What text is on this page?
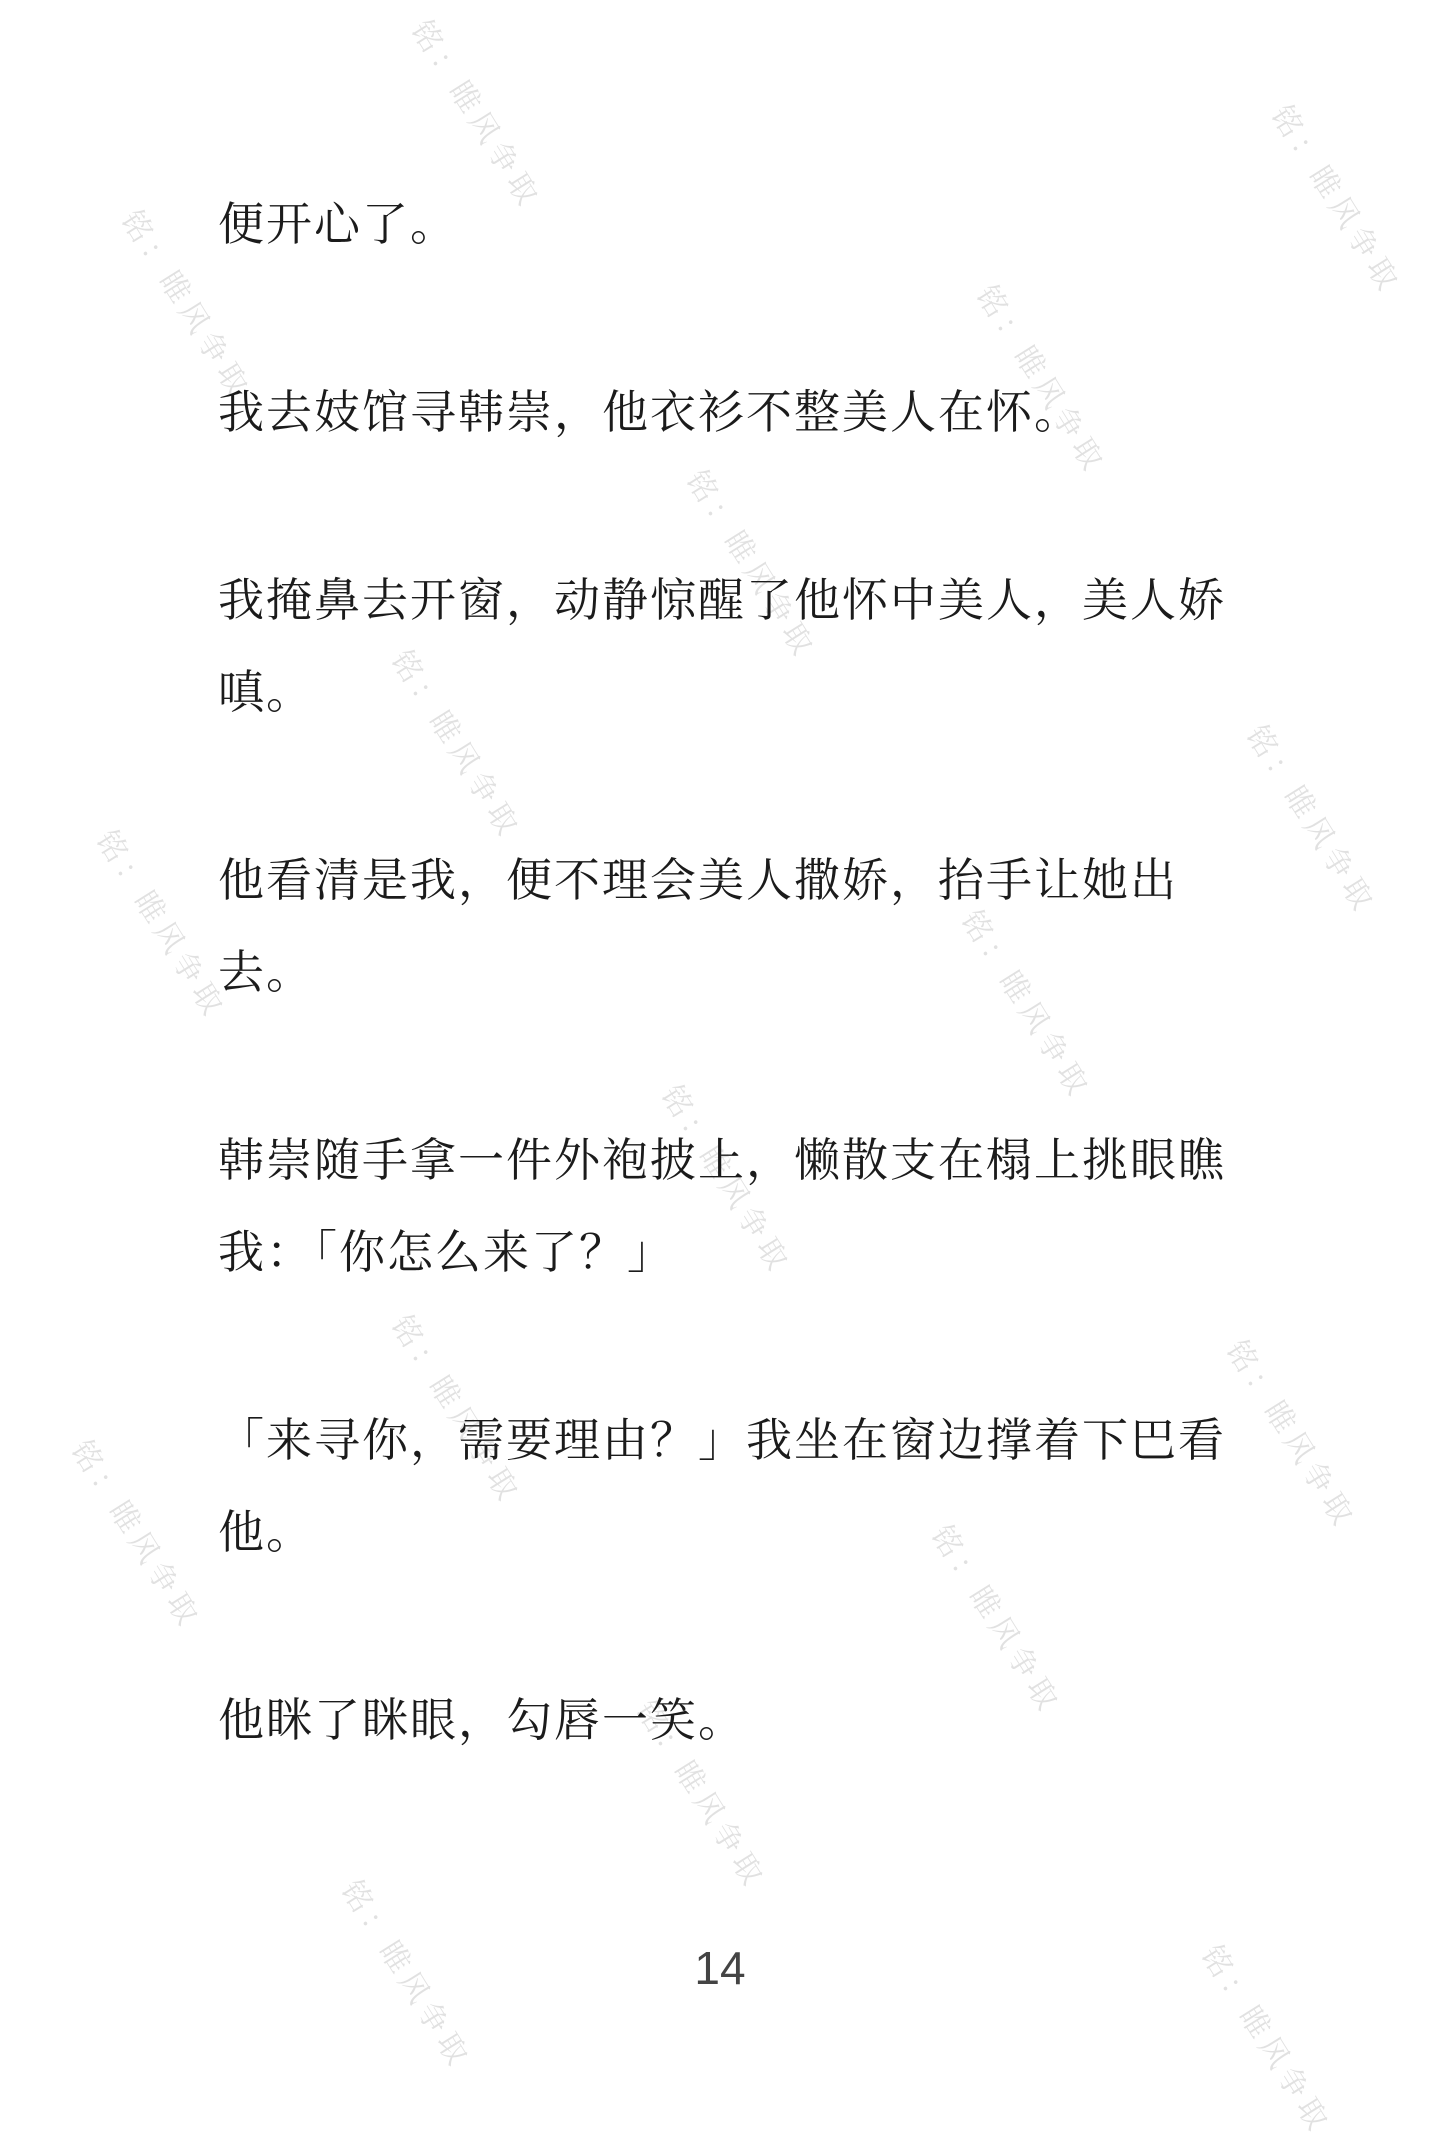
铭：睢风争取	铭：睢风争取
铭：睢风争取	铭：睢风争取
铭：睢风争取
铭：睢风争取	铭：睢风争取
铭：睢风争取	铭：睢风争取
铭：睢风争取
铭：睢风争取	铭：睢风争取
铭：睢风争取	铭：睢风争取
铭：睢风争取
铭：睢风争取	铭：睢风争取

便开心了。

我去妓馆寻韩崇，他衣衫不整美人在怀。

我掩鼻去开窗，动静惊醒了他怀中美人，美人娇嗔。

他看清是我，便不理会美人撒娇，抬手让她出去。

韩崇随手拿一件外袍披上，懒散支在榻上挑眼瞧我：「你怎么来了？」

「来寻你，需要理由？」我坐在窗边撑着下巴看他。

他眯了眯眼，勾唇一笑。

14
